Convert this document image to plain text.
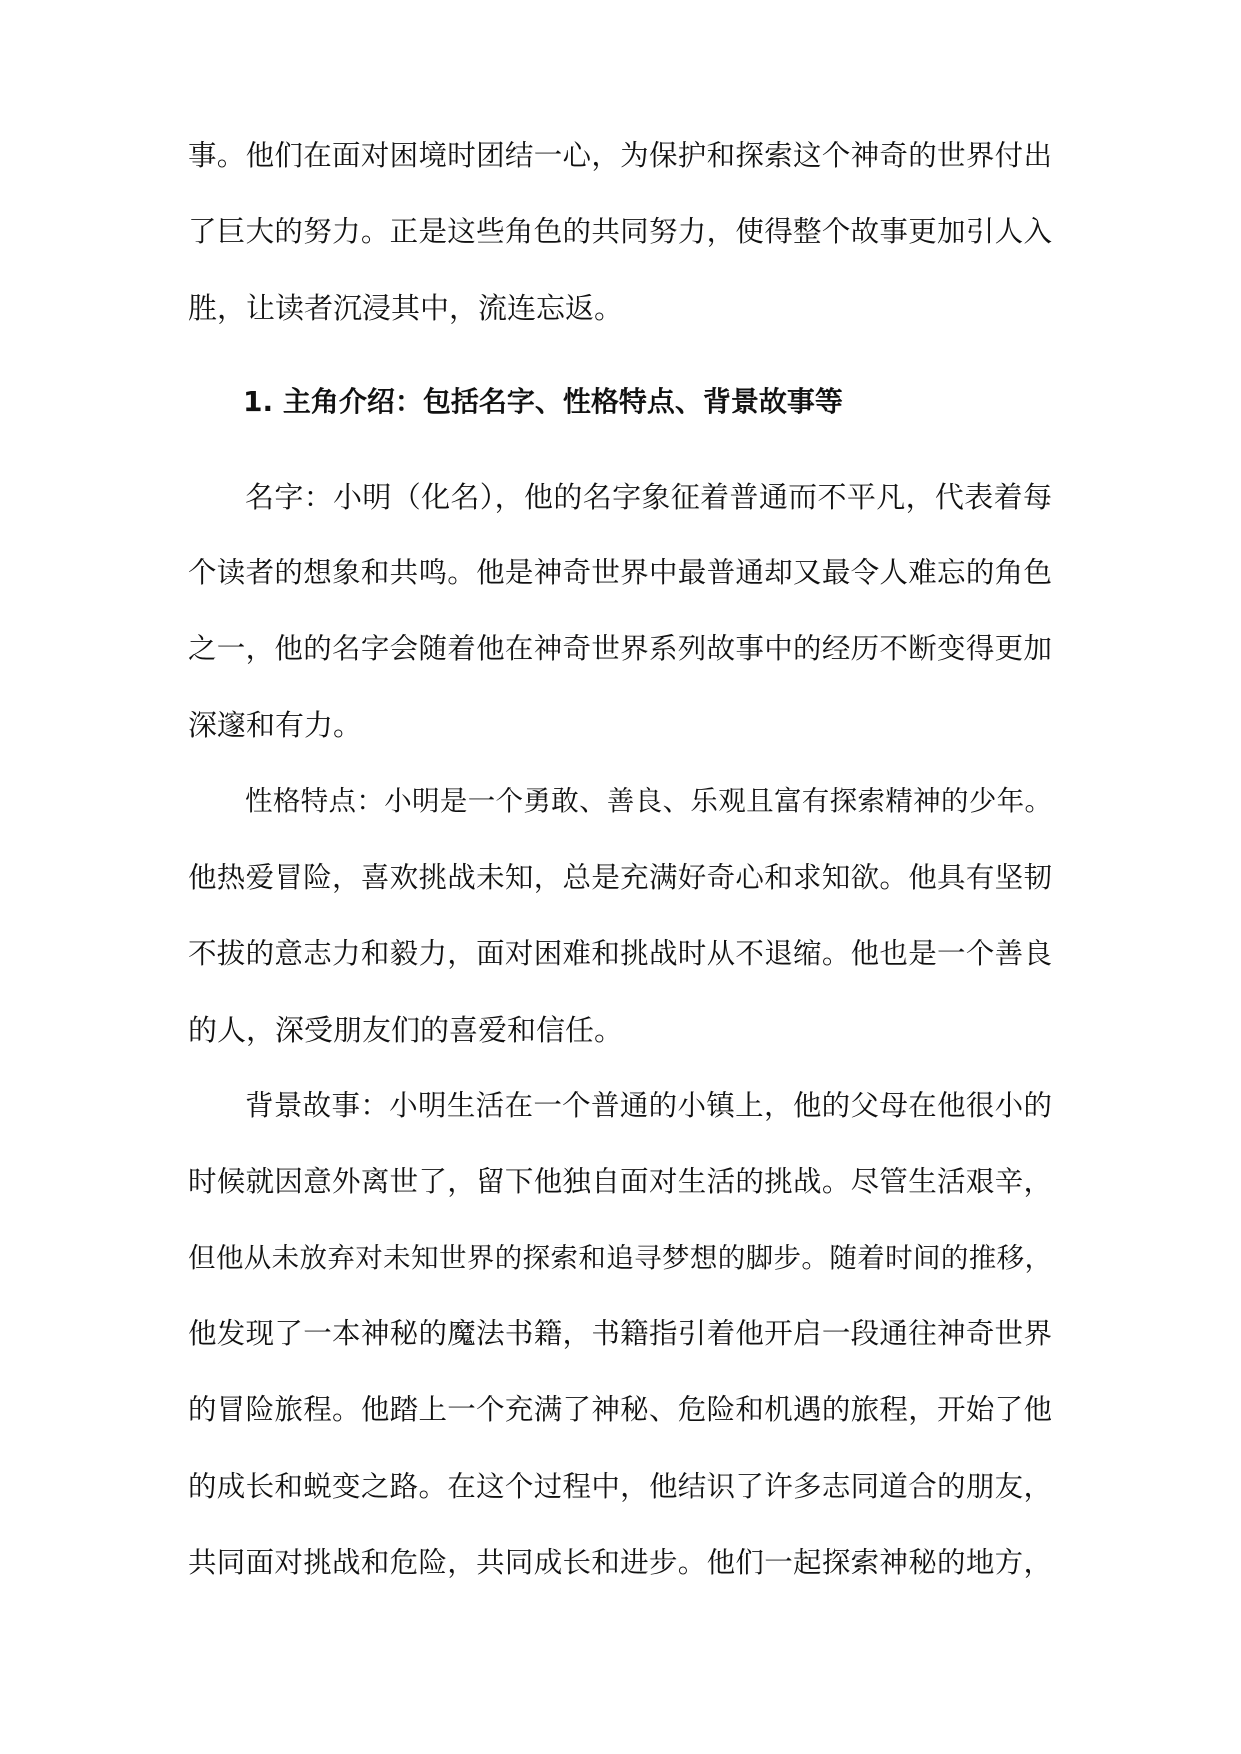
事。他们在面对困境时团结一心，为保护和探索这个神奇的世界付出
了巨大的努力。正是这些角色的共同努力，使得整个故事更加引人入
胜，让读者沉浸其中，流连忘返。
1. 主角介绍：包括名字、性格特点、背景故事等
名字：小明（化名），他的名字象征着普通而不平凡，代表着每
个读者的想象和共鸣。他是神奇世界中最普通却又最令人难忘的角色
之一，他的名字会随着他在神奇世界系列故事中的经历不断变得更加
深邃和有力。
性格特点：小明是一个勇敢、善良、乐观且富有探索精神的少年。
他热爱冒险，喜欢挑战未知，总是充满好奇心和求知欲。他具有坚韧
不拔的意志力和毅力，面对困难和挑战时从不退缩。他也是一个善良
的人，深受朋友们的喜爱和信任。
背景故事：小明生活在一个普通的小镇上，他的父母在他很小的
时候就因意外离世了，留下他独自面对生活的挑战。尽管生活艰辛，
但他从未放弃对未知世界的探索和追寻梦想的脚步。随着时间的推移，
他发现了一本神秘的魔法书籍，书籍指引着他开启一段通往神奇世界
的冒险旅程。他踏上一个充满了神秘、危险和机遇的旅程，开始了他
的成长和蜕变之路。在这个过程中，他结识了许多志同道合的朋友，
共同面对挑战和危险，共同成长和进步。他们一起探索神秘的地方，
